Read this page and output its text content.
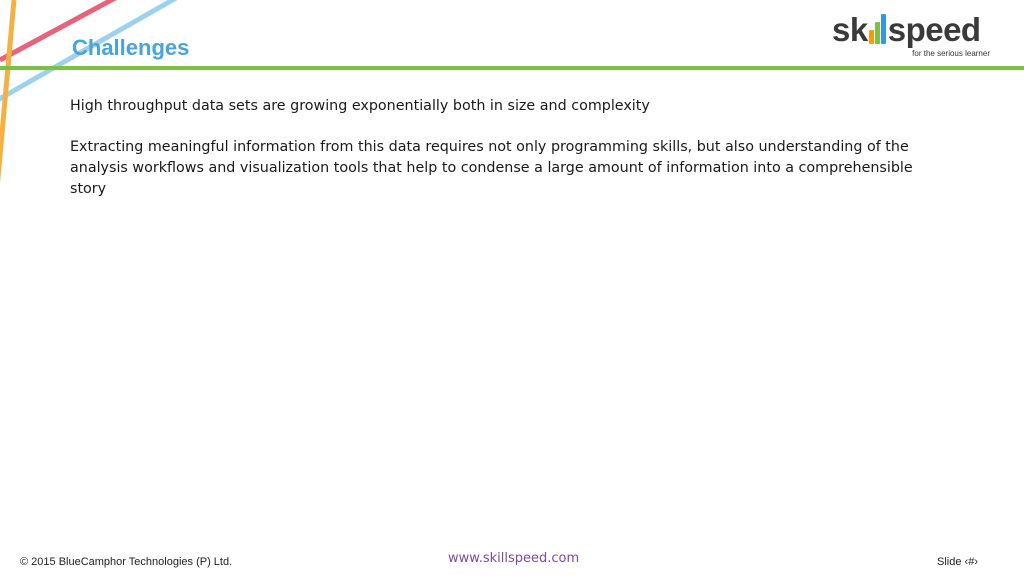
Challenges	sk speed
for the serious learner

High throughput data sets are growing exponentially both in size and complexity

Extracting meaningful information from this data requires not only programming skills, but also understanding of the analysis workflows and visualization tools that help to condense a large amount of information into a comprehensible story

© 2015 BlueCamphor Technologies (P) Ltd.	www.skillspeed.com	Slide ‹#›
